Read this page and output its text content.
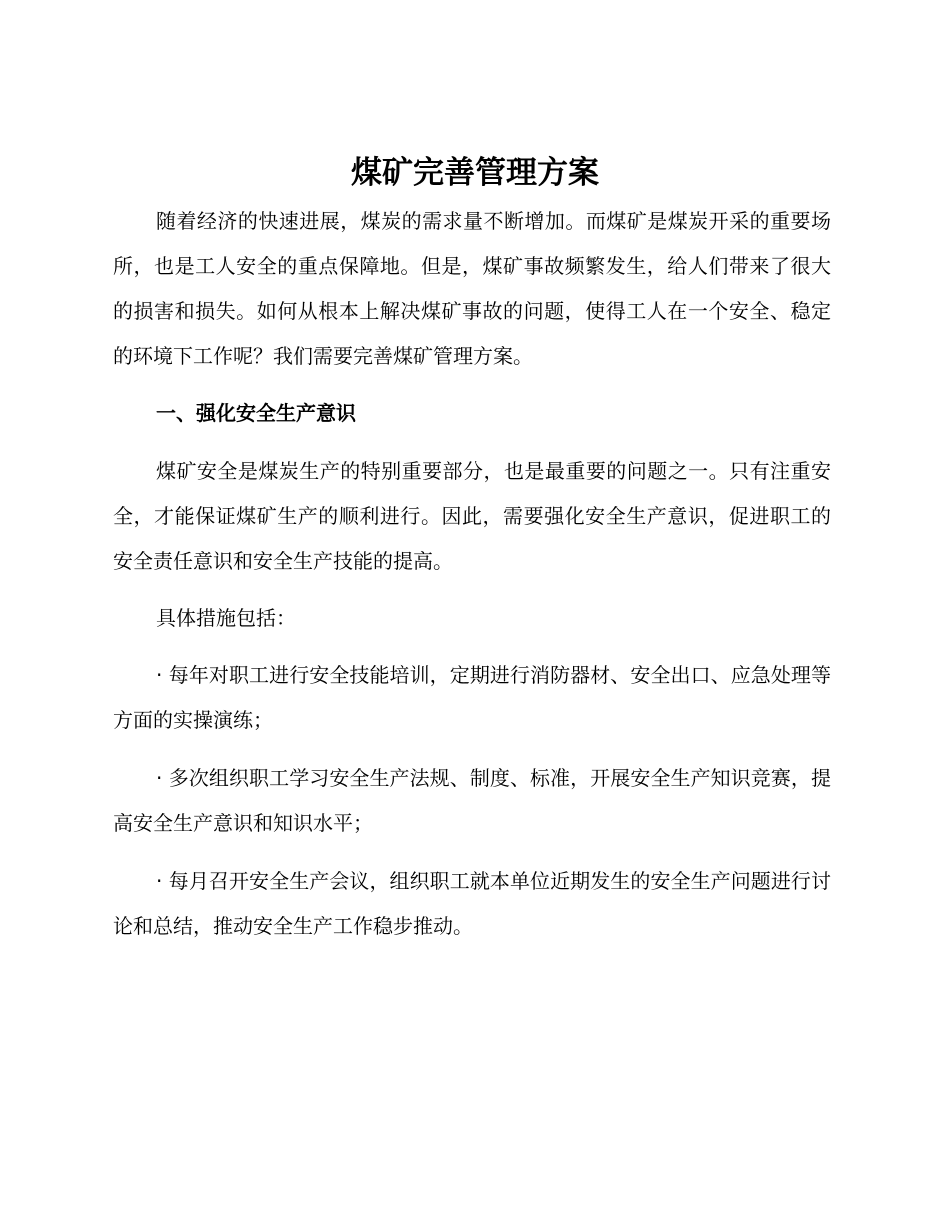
煤矿完善管理方案

随着经济的快速进展，煤炭的需求量不断增加。而煤矿是煤炭开采的重要场所，也是工人安全的重点保障地。但是，煤矿事故频繁发生，给人们带来了很大的损害和损失。如何从根本上解决煤矿事故的问题，使得工人在一个安全、稳定的环境下工作呢？我们需要完善煤矿管理方案。

一、强化安全生产意识

煤矿安全是煤炭生产的特别重要部分，也是最重要的问题之一。只有注重安全，才能保证煤矿生产的顺利进行。因此，需要强化安全生产意识，促进职工的安全责任意识和安全生产技能的提高。

具体措施包括：

· 每年对职工进行安全技能培训，定期进行消防器材、安全出口、应急处理等方面的实操演练；

· 多次组织职工学习安全生产法规、制度、标准，开展安全生产知识竞赛，提高安全生产意识和知识水平；

· 每月召开安全生产会议，组织职工就本单位近期发生的安全生产问题进行讨论和总结，推动安全生产工作稳步推动。
